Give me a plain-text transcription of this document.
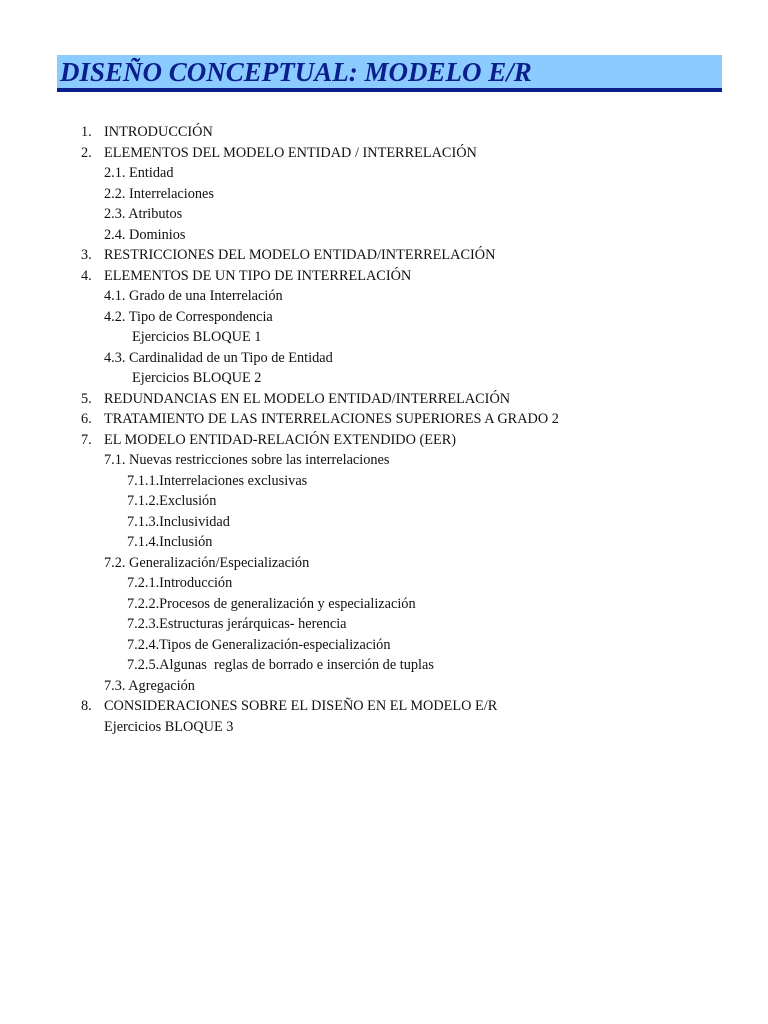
DISEÑO CONCEPTUAL: MODELO E/R
1. INTRODUCCIÓN
2. ELEMENTOS DEL MODELO ENTIDAD / INTERRELACIÓN
2.1. Entidad
2.2. Interrelaciones
2.3. Atributos
2.4. Dominios
3. RESTRICCIONES DEL MODELO ENTIDAD/INTERRELACIÓN
4. ELEMENTOS DE UN TIPO DE INTERRELACIÓN
4.1. Grado de una Interrelación
4.2. Tipo de Correspondencia
Ejercicios BLOQUE 1
4.3. Cardinalidad de un Tipo de Entidad
Ejercicios BLOQUE 2
5. REDUNDANCIAS EN EL MODELO ENTIDAD/INTERRELACIÓN
6. TRATAMIENTO DE LAS INTERRELACIONES SUPERIORES A GRADO 2
7. EL MODELO ENTIDAD-RELACIÓN EXTENDIDO (EER)
7.1. Nuevas restricciones sobre las interrelaciones
7.1.1.Interrelaciones exclusivas
7.1.2.Exclusión
7.1.3.Inclusividad
7.1.4.Inclusión
7.2. Generalización/Especialización
7.2.1.Introducción
7.2.2.Procesos de generalización y especialización
7.2.3.Estructuras jerárquicas- herencia
7.2.4.Tipos de Generalización-especialización
7.2.5.Algunas  reglas de borrado e inserción de tuplas
7.3. Agregación
8. CONSIDERACIONES SOBRE EL DISEÑO EN EL MODELO E/R
Ejercicios BLOQUE 3
